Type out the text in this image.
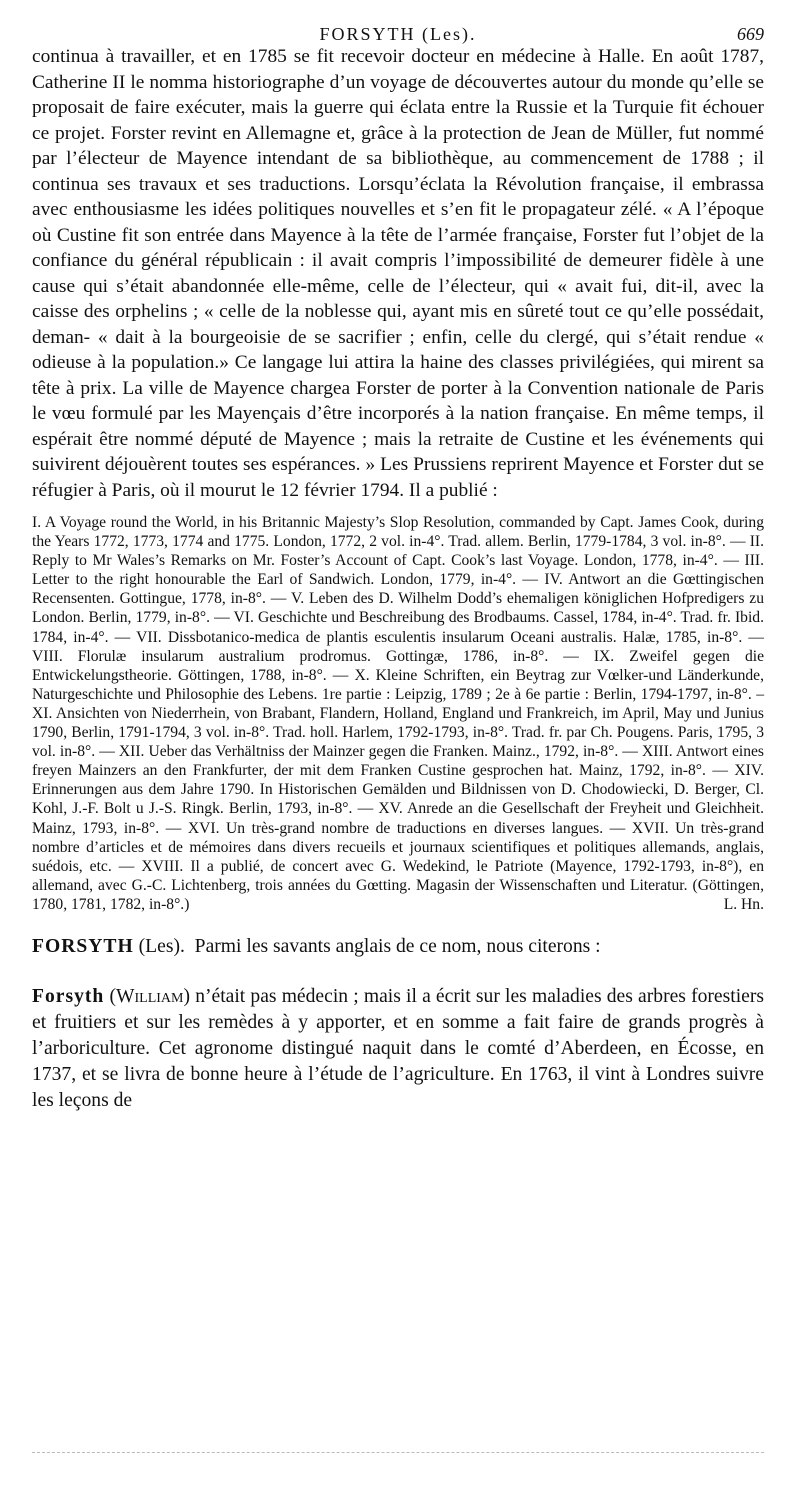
FORSYTH (Les).	669

continua à travailler, et en 1785 se fit recevoir docteur en médecine à Halle. En août 1787, Catherine II le nomma historiographe d’un voyage de découvertes autour du monde qu’elle se proposait de faire exécuter, mais la guerre qui éclata entre la Russie et la Turquie fit échouer ce projet. Forster revint en Allemagne et, grâce à la protection de Jean de Müller, fut nommé par l’électeur de Mayence intendant de sa bibliothèque, au commencement de 1788 ; il continua ses travaux et ses traductions. Lorsqu’éclata la Révolution française, il embrassa avec enthousiasme les idées politiques nouvelles et s’en fit le propagateur zélé. « A l’époque où Custine fit son entrée dans Mayence à la tête de l’armée française, Forster fut l’objet de la confiance du général républicain : il avait compris l’impossibilité de demeurer fidèle à une cause qui s’était abandonnée elle-même, celle de l’électeur, qui « avait fui, dit-il, avec la caisse des orphelins ; « celle de la noblesse qui, ayant mis en sûreté tout ce qu’elle possédait, deman- « dait à la bourgeoisie de se sacrifier ; enfin, celle du clergé, qui s’était rendue « odieuse à la population.» Ce langage lui attira la haine des classes privilégiées, qui mirent sa tête à prix. La ville de Mayence chargea Forster de porter à la Convention nationale de Paris le vœu formulé par les Mayençais d’être incorporés à la nation française. En même temps, il espérait être nommé député de Mayence ; mais la retraite de Custine et les événements qui suivirent déjouèrent toutes ses espérances. » Les Prussiens reprirent Mayence et Forster dut se réfugier à Paris, où il mourut le 12 février 1794. Il a publié :

I. A Voyage round the World, in his Britannic Majesty’s Slop Resolution, commanded by Capt. James Cook, during the Years 1772, 1773, 1774 and 1775. London, 1772, 2 vol. in-4°. Trad. allem. Berlin, 1779-1784, 3 vol. in-8°. — II. Reply to Mr Wales’s Remarks on Mr. Foster’s Account of Capt. Cook’s last Voyage. London, 1778, in-4°. — III. Letter to the right honourable the Earl of Sandwich. London, 1779, in-4°. — IV. Antwort an die Gœttingischen Recensenten. Gottingue, 1778, in-8°. — V. Leben des D. Wilhelm Dodd’s ehemaligen königlichen Hofpredigers zu London. Berlin, 1779, in-8°. — VI. Geschichte und Beschreibung des Brodbaums. Cassel, 1784, in-4°. Trad. fr. Ibid. 1784, in-4°. — VII. Dissbotanico-medica de plantis esculentis insularum Oceani australis. Halæ, 1785, in-8°. — VIII. Florulæ insularum australium prodromus. Gottingæ, 1786, in-8°. — IX. Zweifel gegen die Entwickelungstheorie. Göttingen, 1788, in-8°. — X. Kleine Schriften, ein Beytrag zur Vœlker-und Länderkunde, Naturgeschichte und Philosophie des Lebens. 1re partie : Leipzig, 1789 ; 2e à 6e partie : Berlin, 1794-1797, in-8°. – XI. Ansichten von Niederrhein, von Brabant, Flandern, Holland, England und Frankreich, im April, May und Junius 1790, Berlin, 1791-1794, 3 vol. in-8°. Trad. holl. Harlem, 1792-1793, in-8°. Trad. fr. par Ch. Pougens. Paris, 1795, 3 vol. in-8°. — XII. Ueber das Verhältniss der Mainzer gegen die Franken. Mainz., 1792, in-8°. — XIII. Antwort eines freyen Mainzers an den Frankfurter, der mit dem Franken Custine gesprochen hat. Mainz, 1792, in-8°. — XIV. Erinnerungen aus dem Jahre 1790. In Historischen Gemälden und Bildnissen von D. Chodowiecki, D. Berger, Cl. Kohl, J.-F. Bolt u J.-S. Ringk. Berlin, 1793, in-8°. — XV. Anrede an die Gesellschaft der Freyheit und Gleichheit. Mainz, 1793, in-8°. — XVI. Un très-grand nombre de traductions en diverses langues. — XVII. Un très-grand nombre d’articles et de mémoires dans divers recueils et journaux scientifiques et politiques allemands, anglais, suédois, etc. — XVIII. Il a publié, de concert avec G. Wedekind, le Patriote (Mayence, 1792-1793, in-8°), en allemand, avec G.-C. Lichtenberg, trois années du Gœtting. Magasin der Wissenschaften und Literatur. (Göttingen, 1780, 1781, 1782, in-8°.)	L. Hn.

FORSYTH (Les). Parmi les savants anglais de ce nom, nous citerons :

Forsyth (William) n’était pas médecin ; mais il a écrit sur les maladies des arbres forestiers et fruitiers et sur les remèdes à y apporter, et en somme a fait faire de grands progrès à l’arboriculture. Cet agronome distingué naquit dans le comté d’Aberdeen, en Écosse, en 1737, et se livra de bonne heure à l’étude de l’agriculture. En 1763, il vint à Londres suivre les leçons de
